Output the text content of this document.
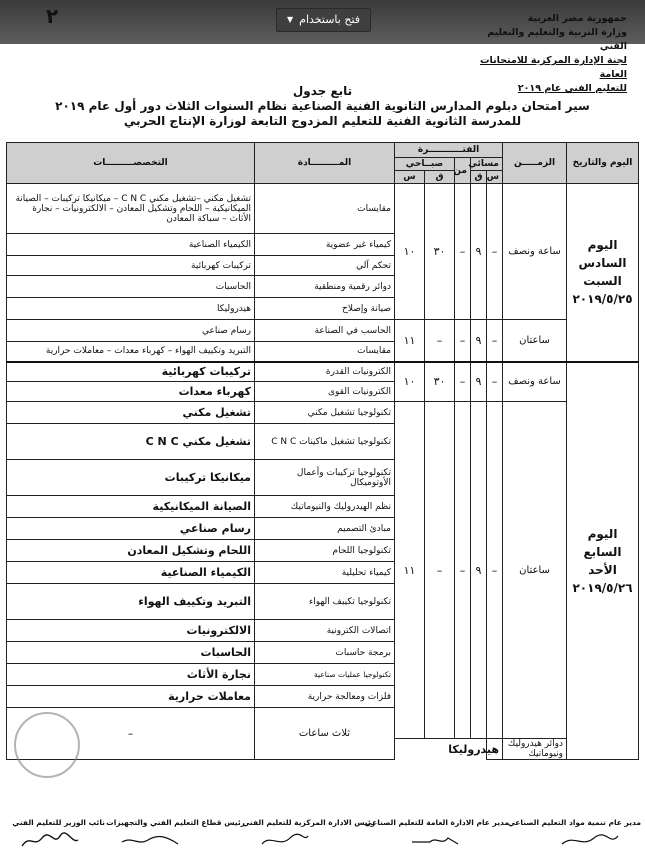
٢	فتح باستخدام
▼	جمهورية مصر العربية
وزارة التربية والتعليم والتعليم الفني
لجنة الإدارة المركزية للامتحانات العامة
للتعليم الفني عام ٢٠١٩
تابع جدول
سير امتحان دبلوم المدارس الثانوية الفنية الصناعية نظام السنوات الثلاث دور أول عام ٢٠١٩
للمدرسة الثانوية الفنية للتعليم المزدوج التابعة لوزارة الإنتاج الحربي
اليوم والتاريخ	الزمـــــن	الفتـــــــــــرة					المـــــــــادة	التخصصـــــــــات	
		مسائي		من	صبــاحي				
		س	ق		ق	س			

اليوم السادس
السبت
٢٠١٩/٥/٢٥	ساعة ونصف	–	٩	–	٣٠	١٠	مقايسات	تشغيل مكني –تشغيل مكني C N C – ميكانيكا تركيبات – الصيانة الميكانيكية – اللحام وتشكيل المعادن – الالكترونيات – نجارة الأثاث – سباكة المعادن	
							كيمياء غير عضوية	الكيمياء الصناعية	
							تحكم آلي	تركيبات كهربائية	
							دوائر رقمية ومنطقية	الحاسبات	
							صيانة وإصلاح	هيدروليكا	
	ساعتان	–	٩	–	–	١١	الحاسب في الصناعة	رسام صناعي	
							مقايسات	التبريد وتكييف الهواء – كهرباء معدات – معاملات حرارية	

اليوم السابع
الأحد
٢٠١٩/٥/٢٦	ساعة ونصف	–	٩	–	٣٠	١٠	الكترونيات القدرة	تركيبات كهربائية	
							الكترونيات القوى	كهرباء معدات	
	ساعتان	–	٩	–	–	١١	تكنولوجيا تشغيل مكني	تشغيل مكني	
							تكنولوجيا تشغيل ماكينات C N C	تشغيل مكني C N C	
							تكنولوجيا تركيبات وأعمال الأوتوميكال	ميكانيكا تركيبات	
							نظم الهيدروليك والنيوماتيك	الصيانة الميكانيكية	
							مبادئ التصميم	رسام صناعي	
							تكنولوجيا اللحام	اللحام وتشكيل المعادن	
							كيمياء تحليلية	الكيمياء الصناعية	
							تكنولوجيا تكييف الهواء	التبريد وتكييف الهواء	
							اتصالات الكترونية	الالكترونيات	
							برمجة حاسبات	الحاسبات	
							تكنولوجيا عمليات صناعية	نجارة الأثاث	
							فلزات ومعالجة حرارية	معاملات حرارية	
							ثلاث ساعات	–						
	دوائر هيدروليك ونيوماتيك	هيدروليكا							
مدير عام تنمية مواد التعليم الصناعي
مدير عام الادارة العامة للتعليم الصناعي
رئيس الادارة المركزية للتعليم الفني
رئيس قطاع التعليم الفني والتجهيزات
نائب الوزير للتعليم الفني
